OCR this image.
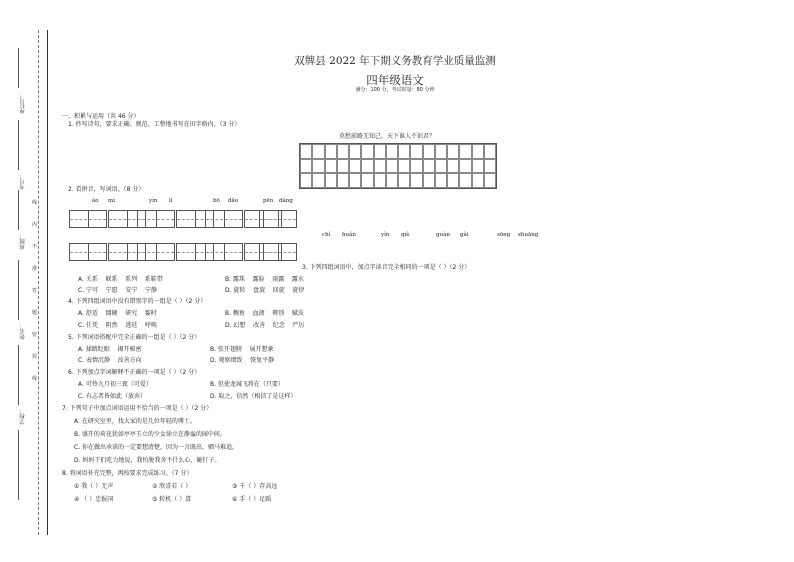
座位号：
考号：
班级：
姓名：
学校：
线
内
不
准
答
题
密
封
线
双牌县 2022 年下期义务教育学业质量监测
四年级语文
满分：100 分，考试时量：80 分钟
一、积累与运用（共 46 分）
1. 抄写诗句，要求正确、规范、工整地书写在田字格内。（3 分）
莫愁前路无知己，天下谁人不识君？
2. 看拼音，写词语。（8 分）
ào mì	yín lì	bō dǎo	pēn dǎng
chí huǎn	yìn qiè	guàn gài	sōng zhuāng
3. 下列四组词语中，加点字读音完全相同的一项是（ ）（2 分）
A. 关系 联系 系列 系鞋带	B. 露珠 露脸 雨露 露水
C. 宁可 宁愿 安宁 宁静	D. 旋转 盘旋 回旋 旋律
4. 下列四组词语中没有错别字的一组是（ ）（2 分）
A. 舒适 僵硬 研究 霎时	B. 稠鱼 血液 辨别 赋皮
C. 任凭 阴然 逃廷 呼唤	D. 幻想 改善 纪念 严厉
5. 下列词语搭配中完全正确的一组是（ ）（2 分）
A. 揉睛眨眼 揭开秘密	B. 张开翅膀 展开想象
C. 表情沉静 改善方向	D. 观察细致 恢复平静
6. 下列加点字词解释不正确的一项是（ ）（2 分）
A. 可怜九月初三夜（可爱）	B. 但使龙城飞将在（只要）
C. 有志者皆如此（放弃）	D. 取之，信然（相信了是这样）
7. 下列句子中加点词语运用不恰当的一项是（ ）（2 分）
A. 在研究室里，找大家的是几位年轻的博士。
B. 盛开的荷花犹如亭亭玉立的少女徐立在静谧的园中间。
C. 你在做出承诺的一定要想清楚，因为一言既出，驷马难追。
D. 妈妈干们吃力地说，我怕脱我舍不什么心，砸钉子。
8. 将词语补充完整，再按要求完成练习。（7 分）
① 我（ ）无声	② 欣喜若（ ）	③ 千（ ）存高远
④ （ ）忠报国	⑤ 转机（ ）算	⑥ 手（ ）足蹈
